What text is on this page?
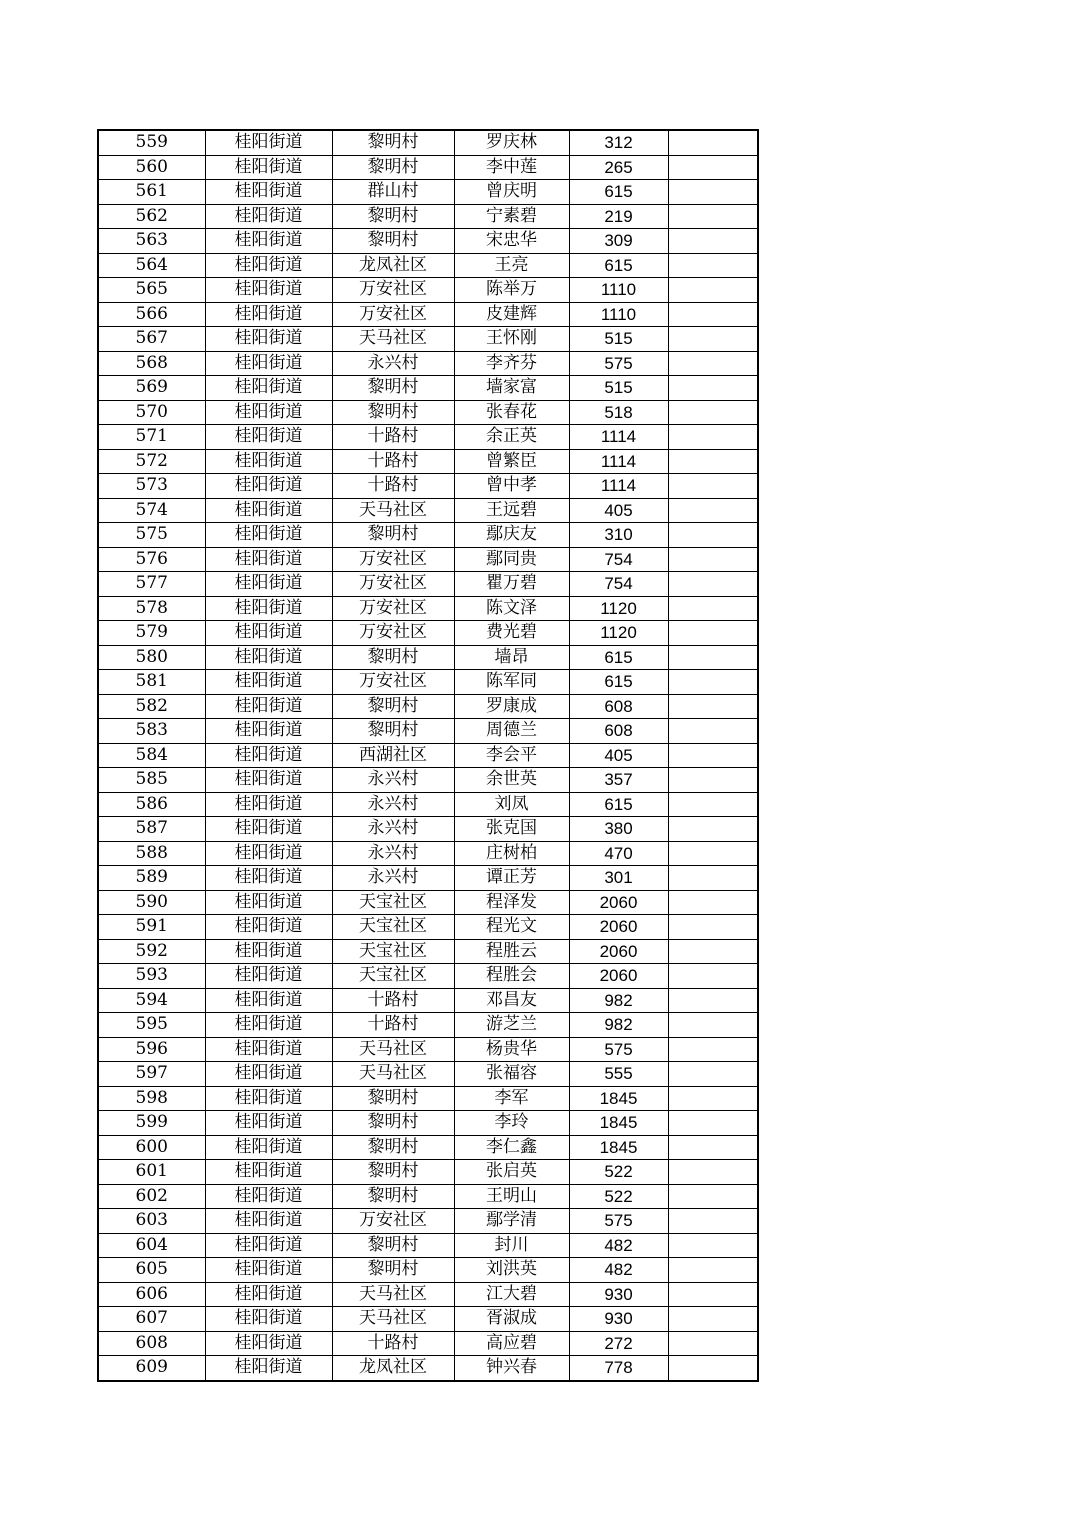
559	桂阳街道	黎明村	罗庆林	312	
560	桂阳街道	黎明村	李中莲	265	
561	桂阳街道	群山村	曾庆明	615	
562	桂阳街道	黎明村	宁素碧	219	
563	桂阳街道	黎明村	宋忠华	309	
564	桂阳街道	龙凤社区	王亮	615	
565	桂阳街道	万安社区	陈举万	1110	
566	桂阳街道	万安社区	皮建辉	1110	
567	桂阳街道	天马社区	王怀刚	515	
568	桂阳街道	永兴村	李齐芬	575	
569	桂阳街道	黎明村	墙家富	515	
570	桂阳街道	黎明村	张春花	518	
571	桂阳街道	十路村	余正英	1114	
572	桂阳街道	十路村	曾繁臣	1114	
573	桂阳街道	十路村	曾中孝	1114	
574	桂阳街道	天马社区	王远碧	405	
575	桂阳街道	黎明村	鄢庆友	310	
576	桂阳街道	万安社区	鄢同贵	754	
577	桂阳街道	万安社区	瞿万碧	754	
578	桂阳街道	万安社区	陈文泽	1120	
579	桂阳街道	万安社区	费光碧	1120	
580	桂阳街道	黎明村	墙昂	615	
581	桂阳街道	万安社区	陈军同	615	
582	桂阳街道	黎明村	罗康成	608	
583	桂阳街道	黎明村	周德兰	608	
584	桂阳街道	西湖社区	李会平	405	
585	桂阳街道	永兴村	余世英	357	
586	桂阳街道	永兴村	刘凤	615	
587	桂阳街道	永兴村	张克国	380	
588	桂阳街道	永兴村	庄树柏	470	
589	桂阳街道	永兴村	谭正芳	301	
590	桂阳街道	天宝社区	程泽发	2060	
591	桂阳街道	天宝社区	程光文	2060	
592	桂阳街道	天宝社区	程胜云	2060	
593	桂阳街道	天宝社区	程胜会	2060	
594	桂阳街道	十路村	邓昌友	982	
595	桂阳街道	十路村	游芝兰	982	
596	桂阳街道	天马社区	杨贵华	575	
597	桂阳街道	天马社区	张福容	555	
598	桂阳街道	黎明村	李军	1845	
599	桂阳街道	黎明村	李玲	1845	
600	桂阳街道	黎明村	李仁鑫	1845	
601	桂阳街道	黎明村	张启英	522	
602	桂阳街道	黎明村	王明山	522	
603	桂阳街道	万安社区	鄢学清	575	
604	桂阳街道	黎明村	封川	482	
605	桂阳街道	黎明村	刘洪英	482	
606	桂阳街道	天马社区	江大碧	930	
607	桂阳街道	天马社区	胥淑成	930	
608	桂阳街道	十路村	高应碧	272	
609	桂阳街道	龙凤社区	钟兴春	778	
